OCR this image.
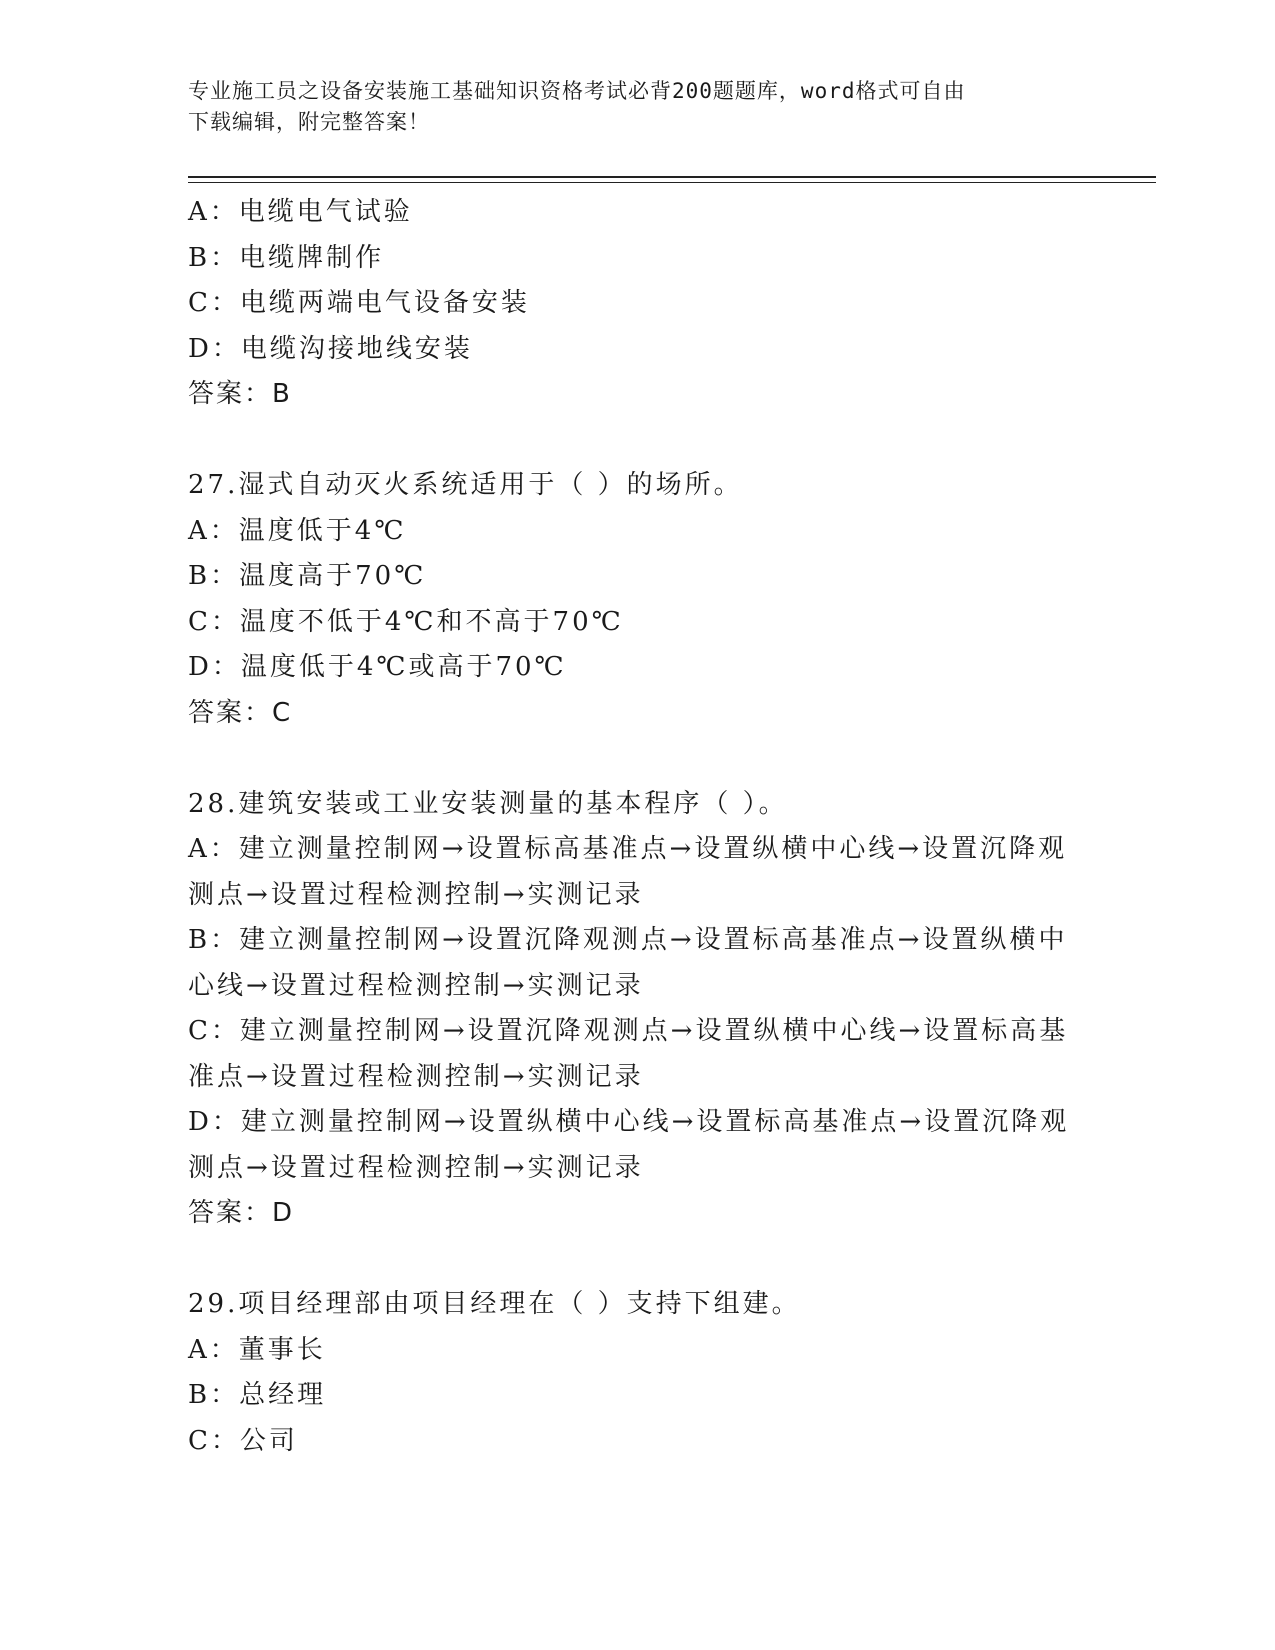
专业施工员之设备安装施工基础知识资格考试必背200题题库，word格式可自由
下载编辑，附完整答案！
A：电缆电气试验
B：电缆牌制作
C：电缆两端电气设备安装
D：电缆沟接地线安装
答案：B
27.湿式自动灭火系统适用于（ ）的场所。
A：温度低于4℃
B：温度高于70℃
C：温度不低于4℃和不高于70℃
D：温度低于4℃或高于70℃
答案：C
28.建筑安装或工业安装测量的基本程序（ ）。
A：建立测量控制网→设置标高基准点→设置纵横中心线→设置沉降观
测点→设置过程检测控制→实测记录
B：建立测量控制网→设置沉降观测点→设置标高基准点→设置纵横中
心线→设置过程检测控制→实测记录
C：建立测量控制网→设置沉降观测点→设置纵横中心线→设置标高基
准点→设置过程检测控制→实测记录
D：建立测量控制网→设置纵横中心线→设置标高基准点→设置沉降观
测点→设置过程检测控制→实测记录
答案：D
29.项目经理部由项目经理在（ ）支持下组建。
A：董事长
B：总经理
C：公司
